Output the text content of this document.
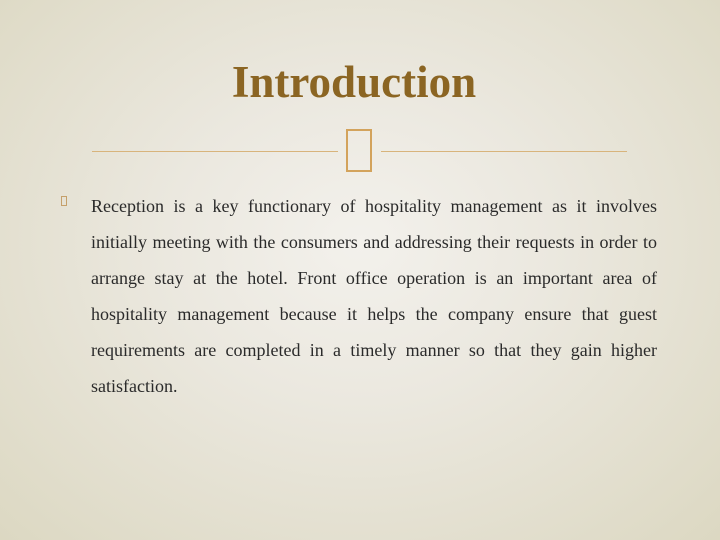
Introduction

Reception is a key functionary of hospitality management as it involves initially meeting with the consumers and addressing their requests in order to arrange stay at the hotel. Front office operation is an important area of hospitality management because it helps the company ensure that guest requirements are completed in a timely manner so that they gain higher satisfaction.
